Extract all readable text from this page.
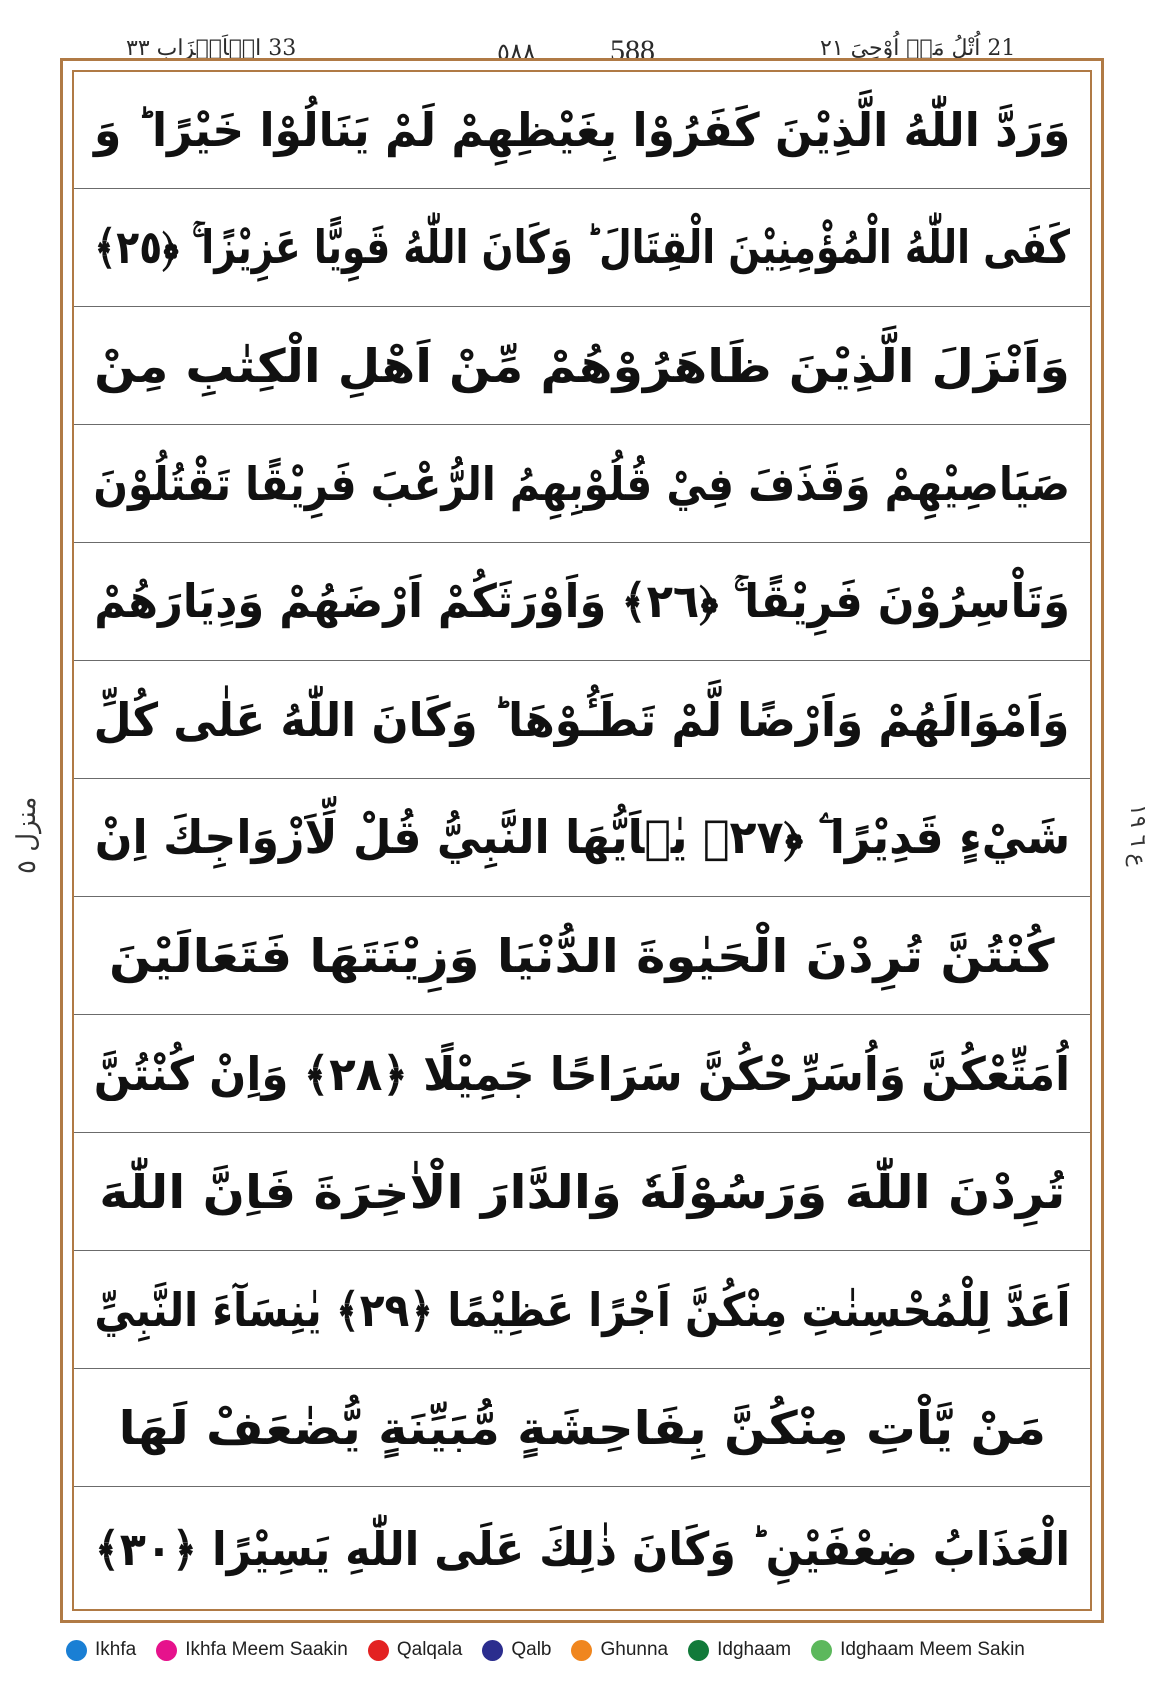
33 الۡاَحۡزَاب ٣٣	٥٨٨ 588	21 اُتْلُ مَاۤ اُوْحِيَ ٢١
وَرَدَّ اللّٰهُ الَّذِيْنَ كَفَرُوْا بِغَيْظِهِمْ لَمْ يَنَالُوْا خَيْرًا ؕ وَ
كَفَى اللّٰهُ الْمُؤْمِنِيْنَ الْقِتَالَ ؕ وَكَانَ اللّٰهُ قَوِيًّا عَزِيْزًا ۚ ﴿٢٥﴾
وَاَنْزَلَ الَّذِيْنَ ظَاهَرُوْهُمْ مِّنْ اَهْلِ الْكِتٰبِ مِنْ
صَيَاصِيْهِمْ وَقَذَفَ فِيْ قُلُوْبِهِمُ الرُّعْبَ فَرِيْقًا تَقْتُلُوْنَ
وَتَاْسِرُوْنَ فَرِيْقًا ۚ ﴿٢٦﴾ وَاَوْرَثَكُمْ اَرْضَهُمْ وَدِيَارَهُمْ
وَاَمْوَالَهُمْ وَاَرْضًا لَّمْ تَطَـُٔوْهَا ؕ وَكَانَ اللّٰهُ عَلٰى كُلِّ
شَيْءٍ قَدِيْرًا ۧ ﴿٢٧﴾ يٰۤاَيُّهَا النَّبِيُّ قُلْ لِّاَزْوَاجِكَ اِنْ
كُنْتُنَّ تُرِدْنَ الْحَيٰوةَ الدُّنْيَا وَزِيْنَتَهَا فَتَعَالَيْنَ
اُمَتِّعْكُنَّ وَاُسَرِّحْكُنَّ سَرَاحًا جَمِيْلًا ﴿٢٨﴾ وَاِنْ كُنْتُنَّ
تُرِدْنَ اللّٰهَ وَرَسُوْلَهٗ وَالدَّارَ الْاٰخِرَةَ فَاِنَّ اللّٰهَ
اَعَدَّ لِلْمُحْسِنٰتِ مِنْكُنَّ اَجْرًا عَظِيْمًا ﴿٢٩﴾ يٰنِسَآءَ النَّبِيِّ
مَنْ يَّاْتِ مِنْكُنَّ بِفَاحِشَةٍ مُّبَيِّنَةٍ يُّضٰعَفْ لَهَا
الْعَذَابُ ضِعْفَيْنِ ؕ وَكَانَ ذٰلِكَ عَلَى اللّٰهِ يَسِيْرًا ﴿٣٠﴾
ع ٦ ١٩
منزل ٥
Ikhfa	Ikhfa Meem Saakin	Qalqala	Qalb	Ghunna	Idghaam	Idghaam Meem Sakin
